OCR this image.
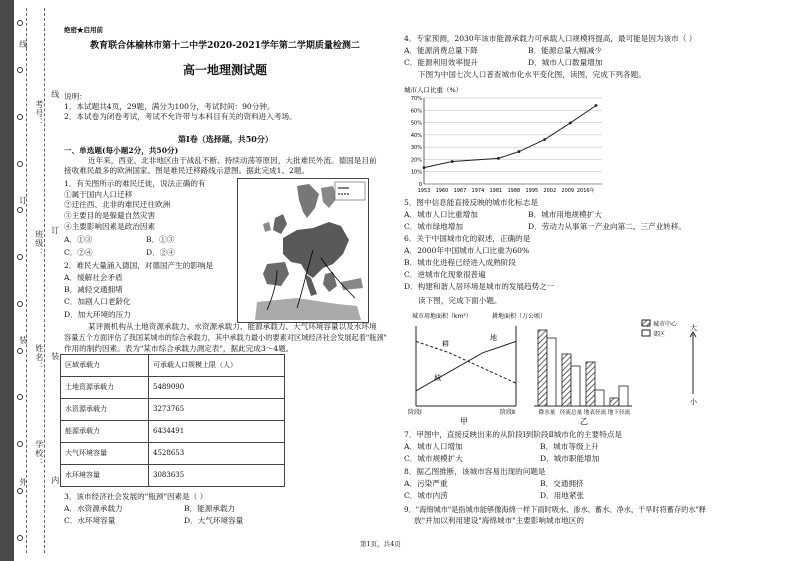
线
订
装
外
考号：
班级：
姓名：
学校：
线
订
装
内
绝密★启用前
教育联合体榆林市第十二中学2020-2021学年第二学期质量检测二
高一地理测试题
说明：
1．本试题共4页，29题，满分为100分，考试时间：90分钟。
2．本试卷为闭卷考试，考试不允许带与本科目有关的资料进入考场。
第Ⅰ卷（选择题，共50分）
一、单选题(每小题2分，共50分)
近年来，西亚、北非地区由于战乱不断、持续动荡等原因，大批难民外流。德国是目前
接收难民最多的欧洲国家。图是难民迁移路线示意图。据此完成1、2题。
1．有关图所示的难民迁徙，说法正确的有
①属于国内人口迁移
②迁往西、北非的难民迁往欧洲
③主要目的是躲避自然灾害
④主要影响因素是政治因素
A．①③	B．①③
C．②④	D．②④
2．难民大量涌入德国，对德国产生的影响是
A．缓解社会矛盾
B．减轻交通拥堵
C．加剧人口老龄化
D．加大环境的压力
某评测机构从土地资源承载力、水资源承载力、能源承载力、大气环境容量以及水环境
容量五个方面评估了我国某城市的综合承载力，其中承载力最小的要素对区域经济社会发展起着"瓶颈"
作用的制约因素。表为"某市综合承载力测定表"，据此完成3～4题。
区域承载力	可承载人口规模上限（人）
土地资源承载力	5489090
水资源承载力	3273765
能源承载力	6434491
大气环境容量	4528653
水环境容量	3083635
3．该市经济社会发展的"瓶颈"因素是（ ）
A．水资源承载力	B．能源承载力
C．水环境容量	D．大气环境容量
4．专家预测，2030年该市能源承载力可承载人口规模将提高，最可能是因为该市（ ）
A．能源消费总量下降	B．能源总量大幅减少
C．能源利用效率提升	D．城市人口数量增加
下图为中国七次人口普查城市化水平变化图，读图，完成下列各题。
城市人口比重（%）
0
10%
20%
30%
40%
50%
60%
70%
1953 1960 1967 1974 1981 1988 1995 2002 2009 2016年
5．图中信息能直接反映的城市化标志是
A．城市人口比重增加	B．城市用地规模扩大
C．城市绿地增加	D．劳动力从事第一产业向第二、三产业转移。
6．关于中国城市化的叙述，正确的是
A．2000年中国城市人口比重为60%
B．城市化进程已经进入成熟阶段
C．逆城市化现象很普遍
D．构建和谐人居环境是城市的发展趋势之一
读下图，完成下面小题。
城市用地面积（km²）	耕地面积（万公顷）
城
耕
地
阶段Ⅰ	阶段Ⅱ
甲
降水量 径流总量 地表径流 地下径流
城市中心
郊区
大
小
乙
7．甲图中，直接反映出来的从阶段Ⅰ到阶段Ⅱ城市化的主要特点是
A．城市人口增加	B．城市等级上升
C．城市规模扩大	D．城市职能增加
8．据乙图推断，该城市容易出现的问题是
A．污染严重	B．交通拥挤
C．城市内涝	D．用地紧张
9．"海绵城市"是指城市能够像海绵一样下雨时吸水、渗水、蓄水、净水，干旱时将蓄存的水"释
放"并加以利用建设"海绵城市"主要影响城市地区的
第1页，共4页
